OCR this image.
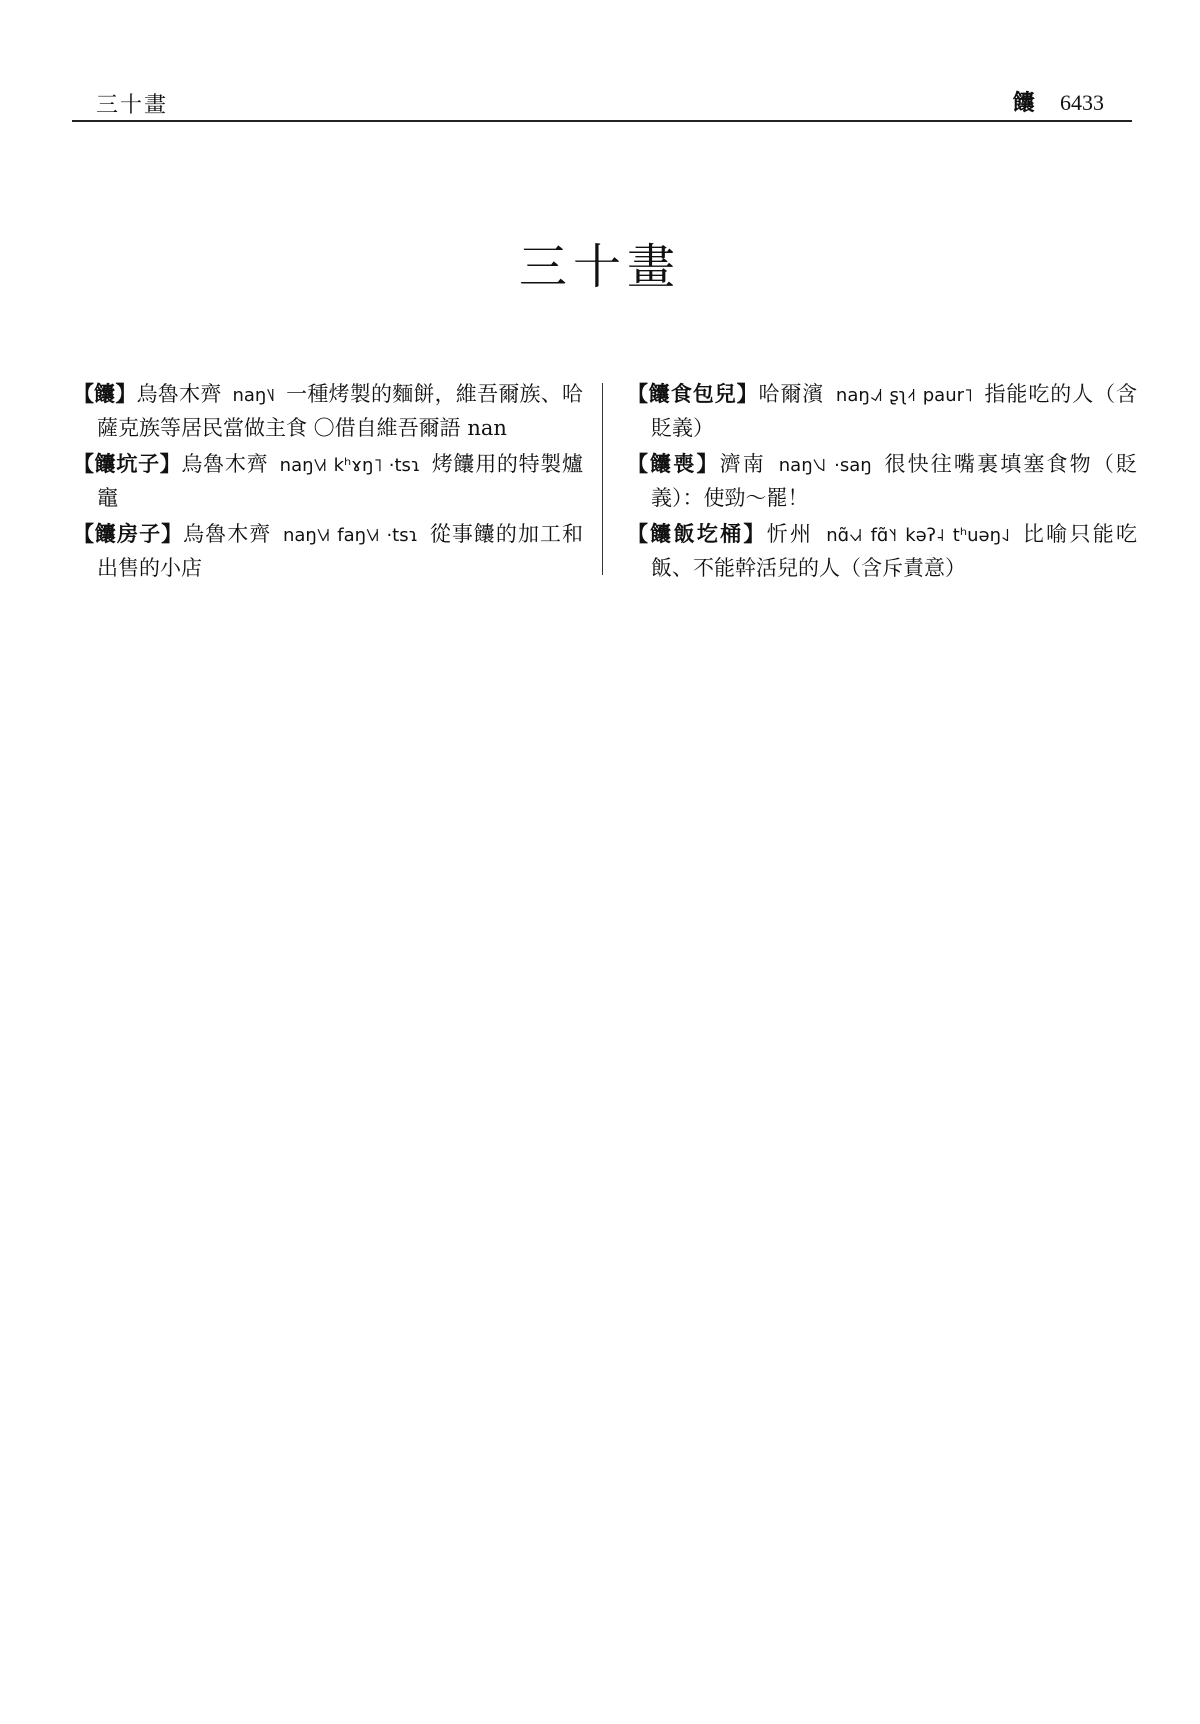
三十畫	饢 6433
三十畫

【饢】烏魯木齊 naŋ˥˩ 一種烤製的麵餅，維吾爾族、哈薩克族等居民當做主食 〇借自維吾爾語 nan

【饢坑子】烏魯木齊 naŋ˥˩˦ kʰɤŋ˥ ·tsɿ 烤饢用的特製爐竈

【饢房子】烏魯木齊 naŋ˥˩˦ faŋ˥˩˦ ·tsɿ 從事饢的加工和出售的小店

【饢食包兒】哈爾濱 naŋ˨˩˦ ʂʅ˨˦ paur˥ 指能吃的人（含貶義）

【饢喪】濟南 naŋ˥˨˩ ·saŋ 很快往嘴裏填塞食物（貶義）：使勁～罷！

【饢飯圪桶】忻州 nɑ̃˧˩˧ fɑ̃˥˧ kəʔ˨ tʰuəŋ˨˩ 比喻只能吃飯、不能幹活兒的人（含斥責意）
